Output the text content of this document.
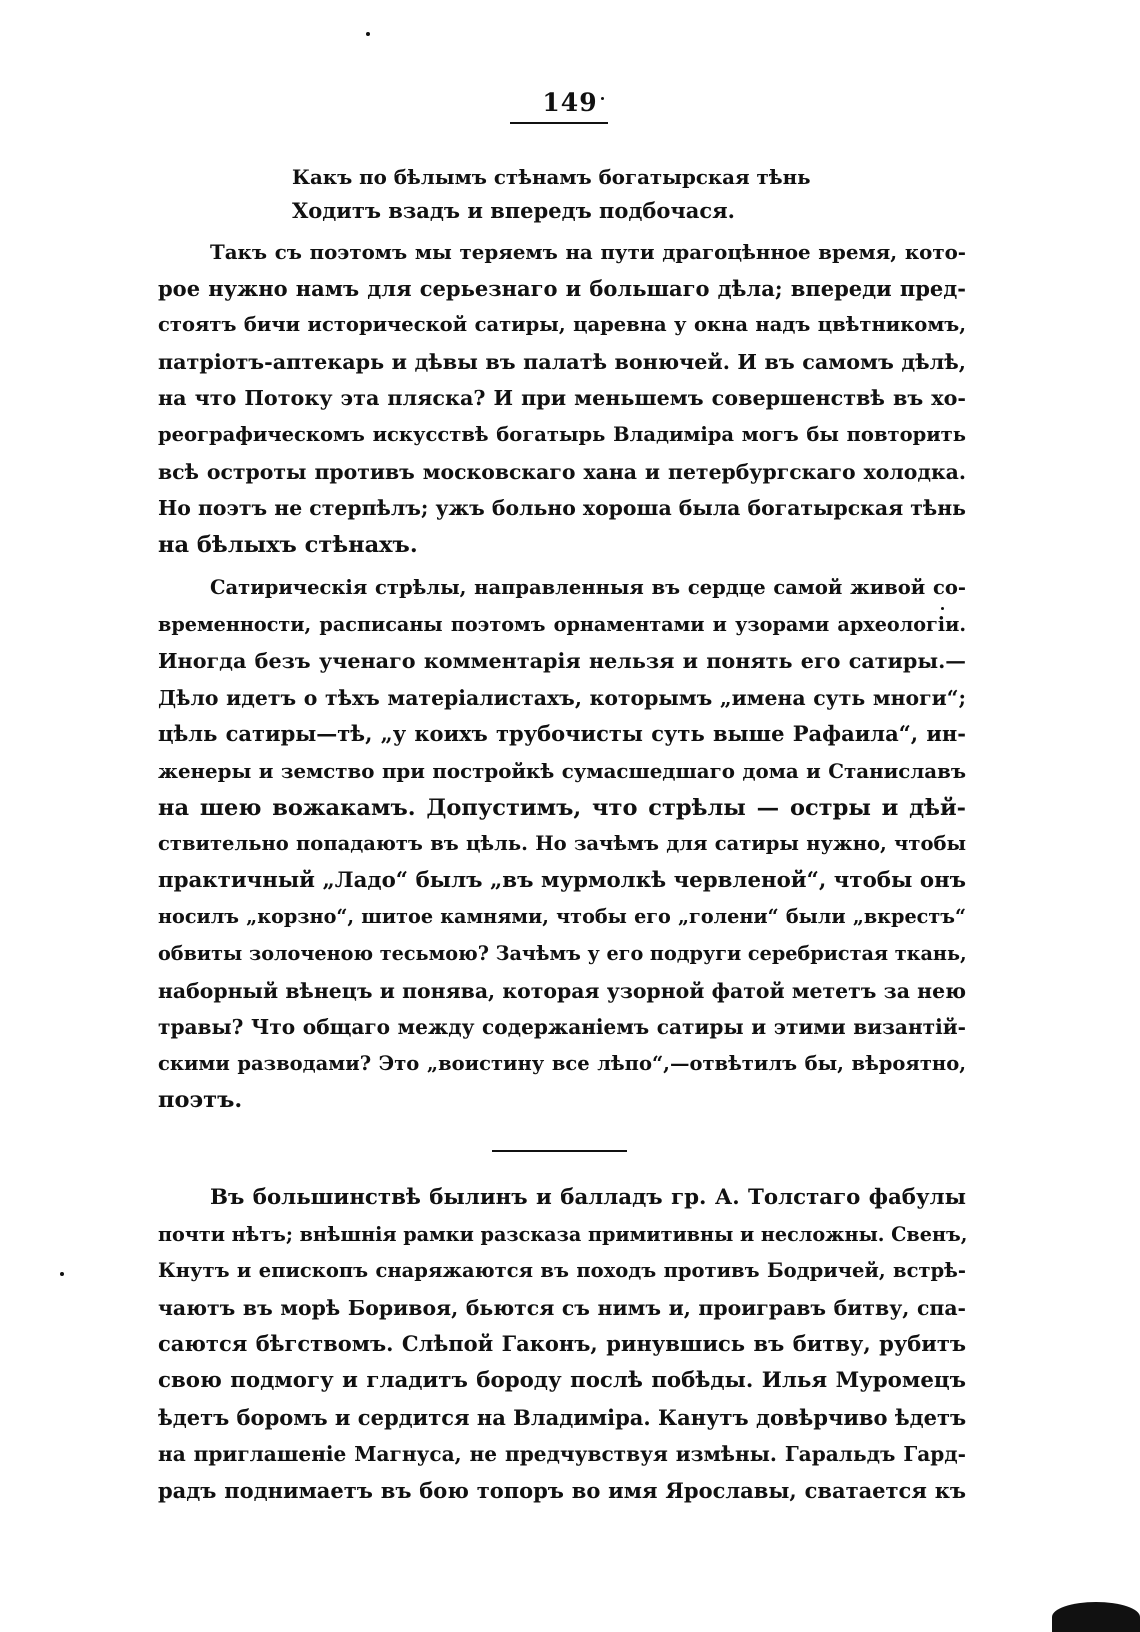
149
Какъ по бѣлымъ стѣнамъ богатырская тѣнь
Ходитъ взадъ и впередъ подбочася.
Такъ съ поэтомъ мы теряемъ на пути драгоцѣнное время, кото-
рое нужно намъ для серьезнаго и большаго дѣла; впереди пред-
стоятъ бичи исторической сатиры, царевна у окна надъ цвѣтникомъ,
патріотъ-аптекарь и дѣвы въ палатѣ вонючей. И въ самомъ дѣлѣ,
на что Потоку эта пляска? И при меньшемъ совершенствѣ въ хо-
реографическомъ искусствѣ богатырь Владиміра могъ бы повторить
всѣ остроты противъ московскаго хана и петербургскаго холодка.
Но поэтъ не стерпѣлъ; ужъ больно хороша была богатырская тѣнь
на бѣлыхъ стѣнахъ.
Сатирическія стрѣлы, направленныя въ сердце самой живой со-
временности, расписаны поэтомъ орнаментами и узорами археологіи.
Иногда безъ ученаго комментарія нельзя и понять его сатиры.—
Дѣло идетъ о тѣхъ матеріалистахъ, которымъ „имена суть многи“;
цѣль сатиры—тѣ, „у коихъ трубочисты суть выше Рафаила“, ин-
женеры и земство при постройкѣ сумасшедшаго дома и Станиславъ
на шею вожакамъ. Допустимъ, что стрѣлы — остры и дѣй-
ствительно попадаютъ въ цѣль. Но зачѣмъ для сатиры нужно, чтобы
практичный „Ладо“ былъ „въ мурмолкѣ червленой“, чтобы онъ
носилъ „корзно“, шитое камнями, чтобы его „голени“ были „вкрестъ“
обвиты золоченою тесьмою? Зачѣмъ у его подруги серебристая ткань,
наборный вѣнецъ и понява, которая узорной фатой мететъ за нею
травы? Что общаго между содержаніемъ сатиры и этими византій-
скими разводами? Это „воистину все лѣпо“,—отвѣтилъ бы, вѣроятно,
поэтъ.
Въ большинствѣ былинъ и балладъ гр. А. Толстаго фабулы
почти нѣтъ; внѣшнія рамки разсказа примитивны и несложны. Свенъ,
Кнутъ и епископъ снаряжаются въ походъ противъ Бодричей, встрѣ-
чаютъ въ морѣ Боривоя, бьются съ нимъ и, проигравъ битву, спа-
саются бѣгствомъ. Слѣпой Гаконъ, ринувшись въ битву, рубитъ
свою подмогу и гладитъ бороду послѣ побѣды. Илья Муромецъ
ѣдетъ боромъ и сердится на Владиміра. Канутъ довѣрчиво ѣдетъ
на приглашеніе Магнуса, не предчувствуя измѣны. Гаральдъ Гард-
радъ поднимаетъ въ бою топоръ во имя Ярославы, сватается къ
